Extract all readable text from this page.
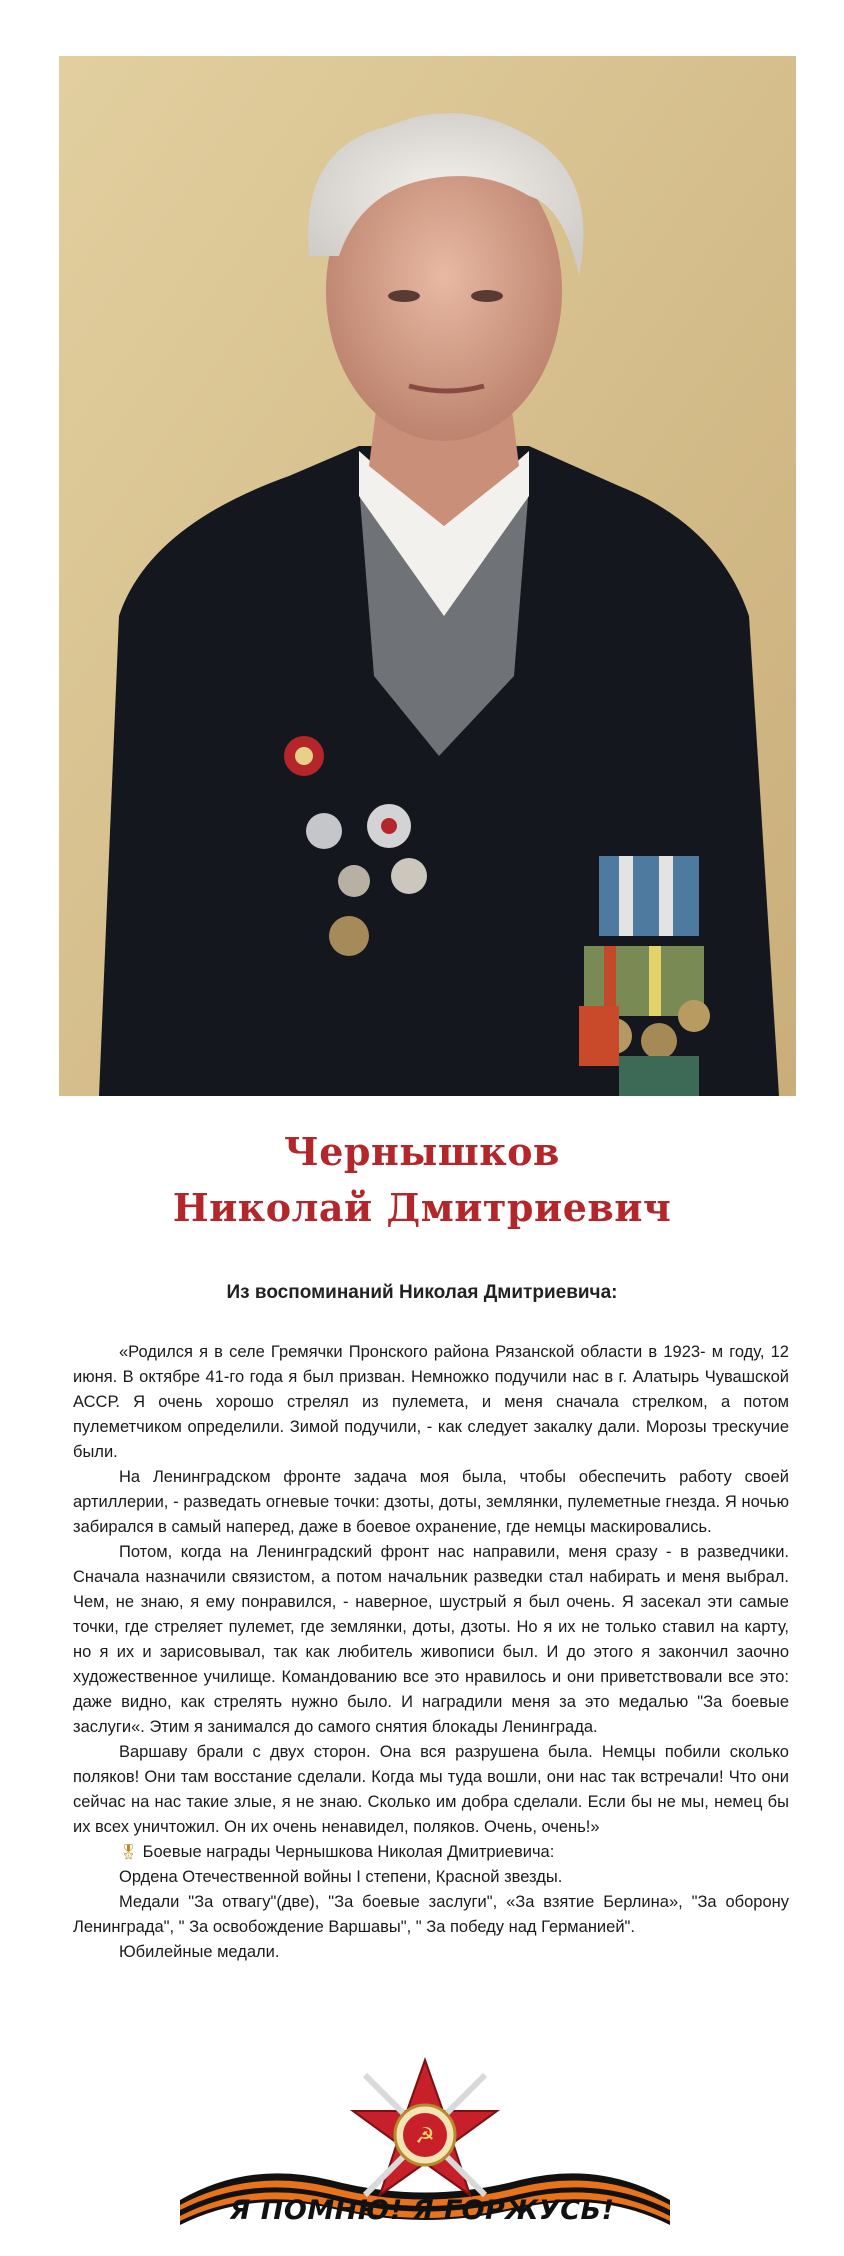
Чернышков
Николай Дмитриевич
Из воспоминаний Николая Дмитриевича:

«Родился я в селе Гремячки Пронского района Рязанской области в 1923- м году, 12 июня. В октябре 41-го года я был призван. Немножко подучили нас в г. Алатырь Чувашской АССР. Я очень хорошо стрелял из пулемета, и меня сначала стрелком, а потом пулеметчиком определили. Зимой подучили, - как следует закалку дали. Морозы трескучие были.

На Ленинградском фронте задача моя была, чтобы обеспечить работу своей артиллерии, - разведать огневые точки: дзоты, доты, землянки, пулеметные гнезда. Я ночью забирался в самый наперед, даже в боевое охранение, где немцы маскировались.

Потом, когда на Ленинградский фронт нас направили, меня сразу - в разведчики. Сначала назначили связистом, а потом начальник разведки стал набирать и меня выбрал. Чем, не знаю, я ему понравился, - наверное, шустрый я был очень. Я засекал эти самые точки, где стреляет пулемет, где землянки, доты, дзоты. Но я их не только ставил на карту, но я их и зарисовывал, так как любитель живописи был. И до этого я закончил заочно художественное училище. Командованию все это нравилось и они приветствовали все это: даже видно, как стрелять нужно было. И наградили меня за это медалью "За боевые заслуги«. Этим я занимался до самого снятия блокады Ленинграда.

Варшаву брали с двух сторон. Она вся разрушена была. Немцы побили сколько поляков! Они там восстание сделали. Когда мы туда вошли, они нас так встречали! Что они сейчас на нас такие злые, я не знаю. Сколько им добра сделали. Если бы не мы, немец бы их всех уничтожил. Он их очень ненавидел, поляков. Очень, очень!»

🎖 Боевые награды Чернышкова Николая Дмитриевича:

Ордена Отечественной войны I степени, Красной звезды.

Медали "За отвагу"(две), "За боевые заслуги", «За взятие Берлина», "За оборону Ленинграда", " За освобождение Варшавы", " За победу над Германией".

Юбилейные медали.

☭
Я ПОМНЮ! Я ГОРЖУСЬ!
